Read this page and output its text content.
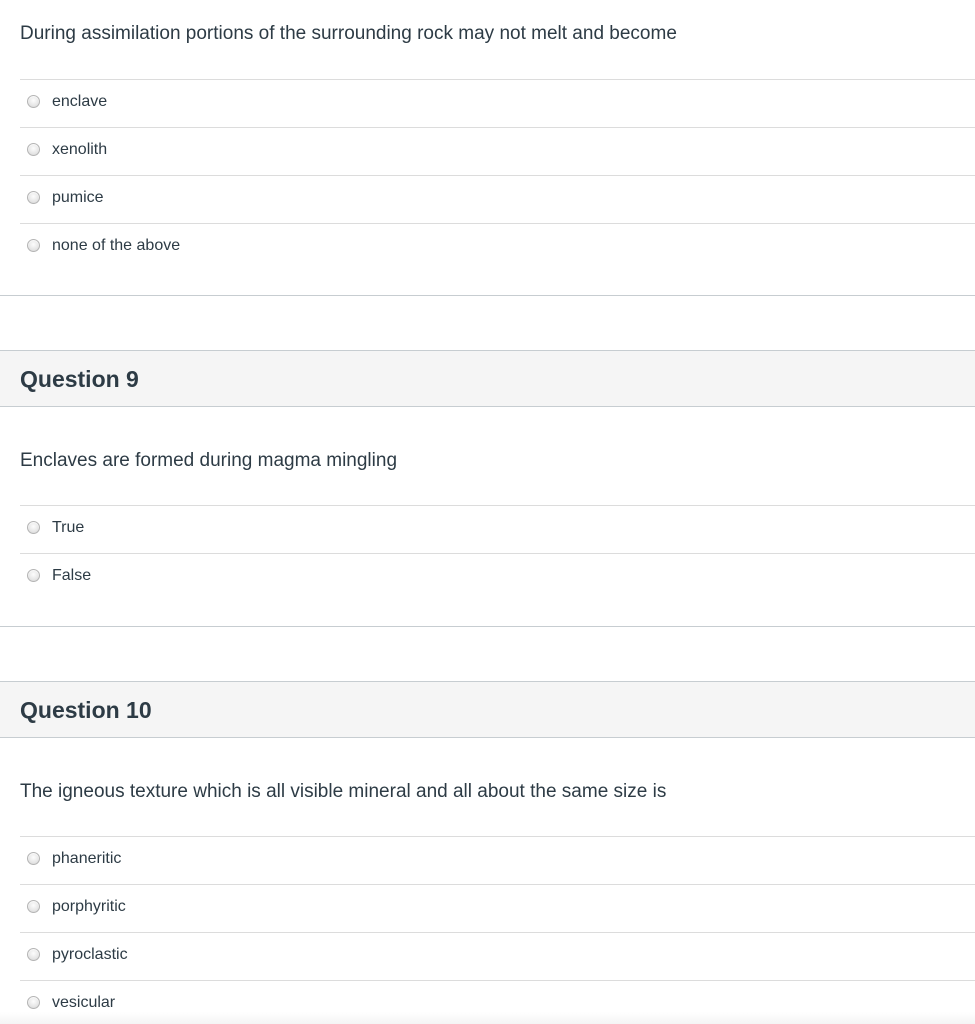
During assimilation portions of the surrounding rock may not melt and become
enclave
xenolith
pumice
none of the above
Question 9
Enclaves are formed during magma mingling
True
False
Question 10
The igneous texture which is all visible mineral and all about the same size is
phaneritic
porphyritic
pyroclastic
vesicular
